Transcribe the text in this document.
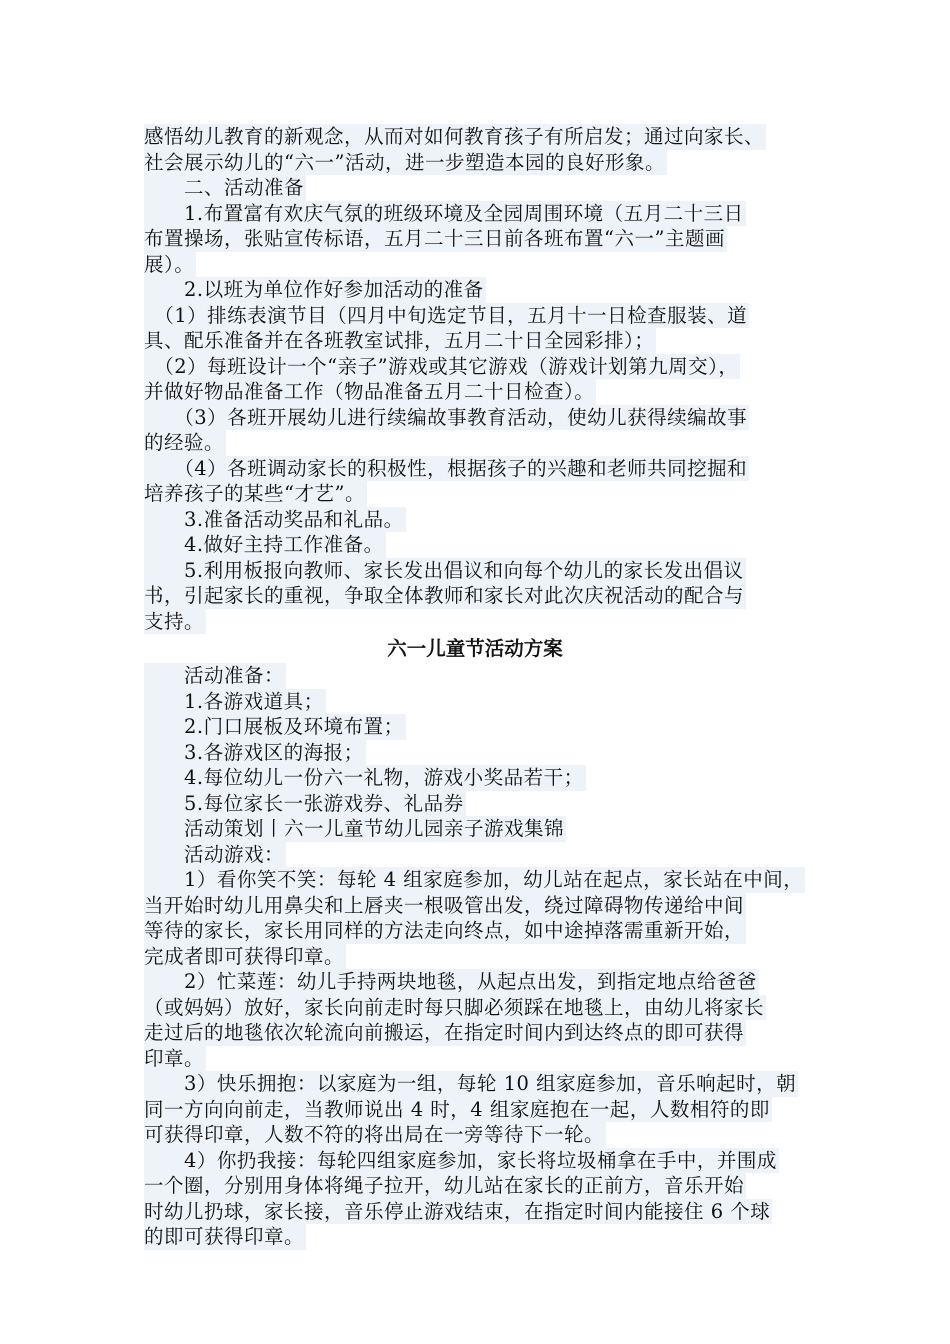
感悟幼儿教育的新观念，从而对如何教育孩子有所启发；通过向家长、
社会展示幼儿的“六一”活动，进一步塑造本园的良好形象。
　　二、活动准备
　　1.布置富有欢庆气氛的班级环境及全园周围环境（五月二十三日
布置操场，张贴宣传标语，五月二十三日前各班布置“六一”主题画
展）。
　　2.以班为单位作好参加活动的准备
　（1）排练表演节目（四月中旬选定节目，五月十一日检查服装、道
具、配乐准备并在各班教室试排，五月二十日全园彩排）；
　（2）每班设计一个“亲子”游戏或其它游戏（游戏计划第九周交），
并做好物品准备工作（物品准备五月二十日检查）。
　　（3）各班开展幼儿进行续编故事教育活动，使幼儿获得续编故事
的经验。
　　（4）各班调动家长的积极性，根据孩子的兴趣和老师共同挖掘和
培养孩子的某些“才艺”。
　　3.准备活动奖品和礼品。
　　4.做好主持工作准备。
　　5.利用板报向教师、家长发出倡议和向每个幼儿的家长发出倡议
书，引起家长的重视，争取全体教师和家长对此次庆祝活动的配合与
支持。
六一儿童节活动方案
　　活动准备：
　　1.各游戏道具；
　　2.门口展板及环境布置；
　　3.各游戏区的海报；
　　4.每位幼儿一份六一礼物，游戏小奖品若干；
　　5.每位家长一张游戏券、礼品券
　　活动策划丨六一儿童节幼儿园亲子游戏集锦
　　活动游戏：
　　1）看你笑不笑：每轮 4 组家庭参加，幼儿站在起点，家长站在中间，
当开始时幼儿用鼻尖和上唇夹一根吸管出发，绕过障碍物传递给中间
等待的家长，家长用同样的方法走向终点，如中途掉落需重新开始，
完成者即可获得印章。
　　2）忙菜莲：幼儿手持两块地毯，从起点出发，到指定地点给爸爸
（或妈妈）放好，家长向前走时每只脚必须踩在地毯上，由幼儿将家长
走过后的地毯依次轮流向前搬运，在指定时间内到达终点的即可获得
印章。
　　3）快乐拥抱：以家庭为一组，每轮 10 组家庭参加，音乐响起时，朝
同一方向向前走，当教师说出 4 时，4 组家庭抱在一起，人数相符的即
可获得印章，人数不符的将出局在一旁等待下一轮。
　　4）你扔我接：每轮四组家庭参加，家长将垃圾桶拿在手中，并围成
一个圈，分别用身体将绳子拉开，幼儿站在家长的正前方，音乐开始
时幼儿扔球，家长接，音乐停止游戏结束，在指定时间内能接住 6 个球
的即可获得印章。
